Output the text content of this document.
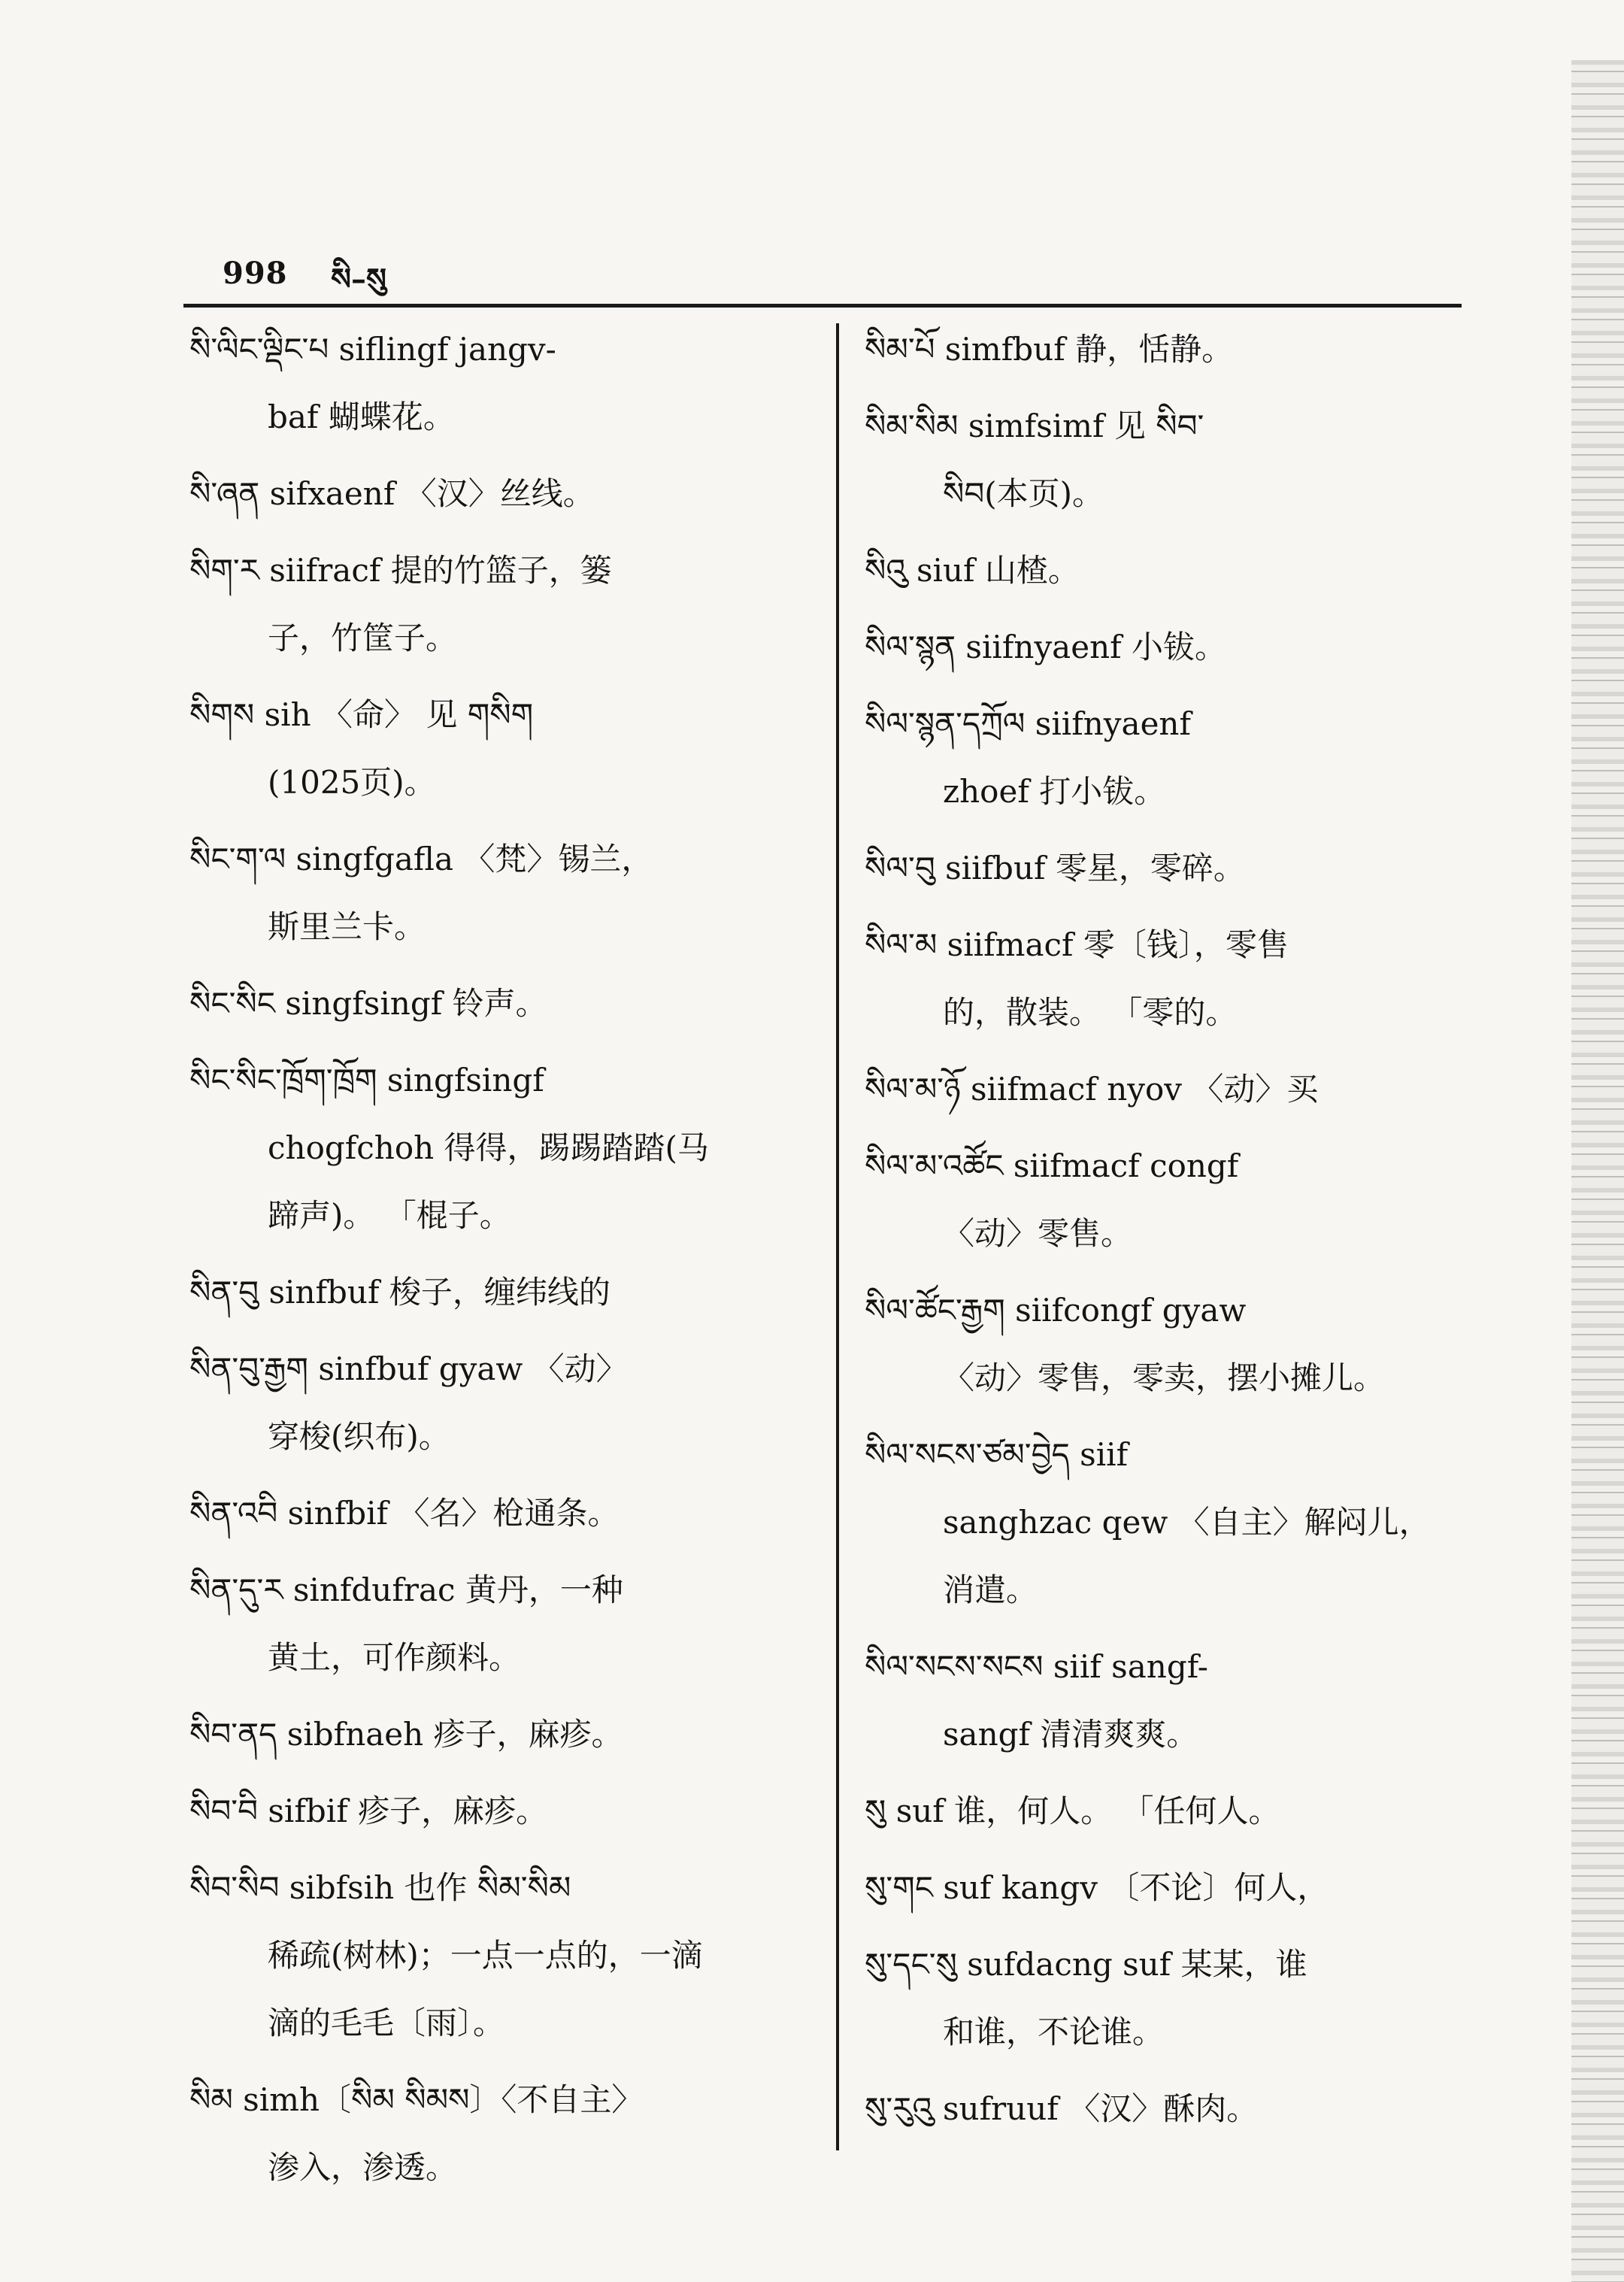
998 སི–སུ
སི་ལིང་ལྡིང་པ siflingf jangv-
baf 蝴蝶花。
སི་ཞན sifxaenf 〈汉〉丝线。
སིག་ར siifracf 提的竹篮子，篓
子，竹筐子。
སིགས sih 〈命〉 见 གསིག
(1025页)。
སིང་ག་ལ singfgafla 〈梵〉锡兰，
斯里兰卡。
སིང་སིང singfsingf 铃声。
སིང་སིང་ཁྲོག་ཁྲོག singfsingf
chogfchoh 得得，踢踢踏踏(马
蹄声)。 「棍子。
སིན་བུ sinfbuf 梭子，缠纬线的
སིན་བུ་རྒྱག sinfbuf gyaw 〈动〉
穿梭(织布)。
སིན་འབི sinfbif 〈名〉枪通条。
སིན་དུ་ར sinfdufrac 黄丹，一种
黄土，可作颜料。
སིབ་ནད sibfnaeh 疹子，麻疹。
སིབ་བི sifbif 疹子，麻疹。
སིབ་སིབ sibfsih 也作 སིམ་སིམ
稀疏(树林)；一点一点的，一滴
滴的毛毛〔雨〕。
སིམ simh〔སིམ སིམས〕〈不自主〉
渗入，渗透。
སིམ་པོ simfbuf 静，恬静。
སིམ་སིམ simfsimf 见 སིབ་
སིབ(本页)。
སིའུ siuf 山楂。
སིལ་སྙན siifnyaenf 小钹。
སིལ་སྙན་དཀྲོལ siifnyaenf
zhoef 打小钹。
སིལ་བུ siifbuf 零星，零碎。
སིལ་མ siifmacf 零〔钱〕，零售
的，散装。 「零的。
སིལ་མ་ཉོ siifmacf nyov 〈动〉买
སིལ་མ་འཚོང siifmacf congf
〈动〉零售。
སིལ་ཚོང་རྒྱག siifcongf gyaw
〈动〉零售，零卖，摆小摊儿。
སིལ་སངས་ཙམ་བྱེད siif
sanghzac qew 〈自主〉解闷儿，
消遣。
སིལ་སངས་སངས siif sangf-
sangf 清清爽爽。
སུ suf 谁，何人。 「任何人。
སུ་གང suf kangv 〔不论〕何人，
སུ་དང་སུ sufdacng suf 某某，谁
和谁，不论谁。
སུ་རུའུ sufruuf 〈汉〉酥肉。
